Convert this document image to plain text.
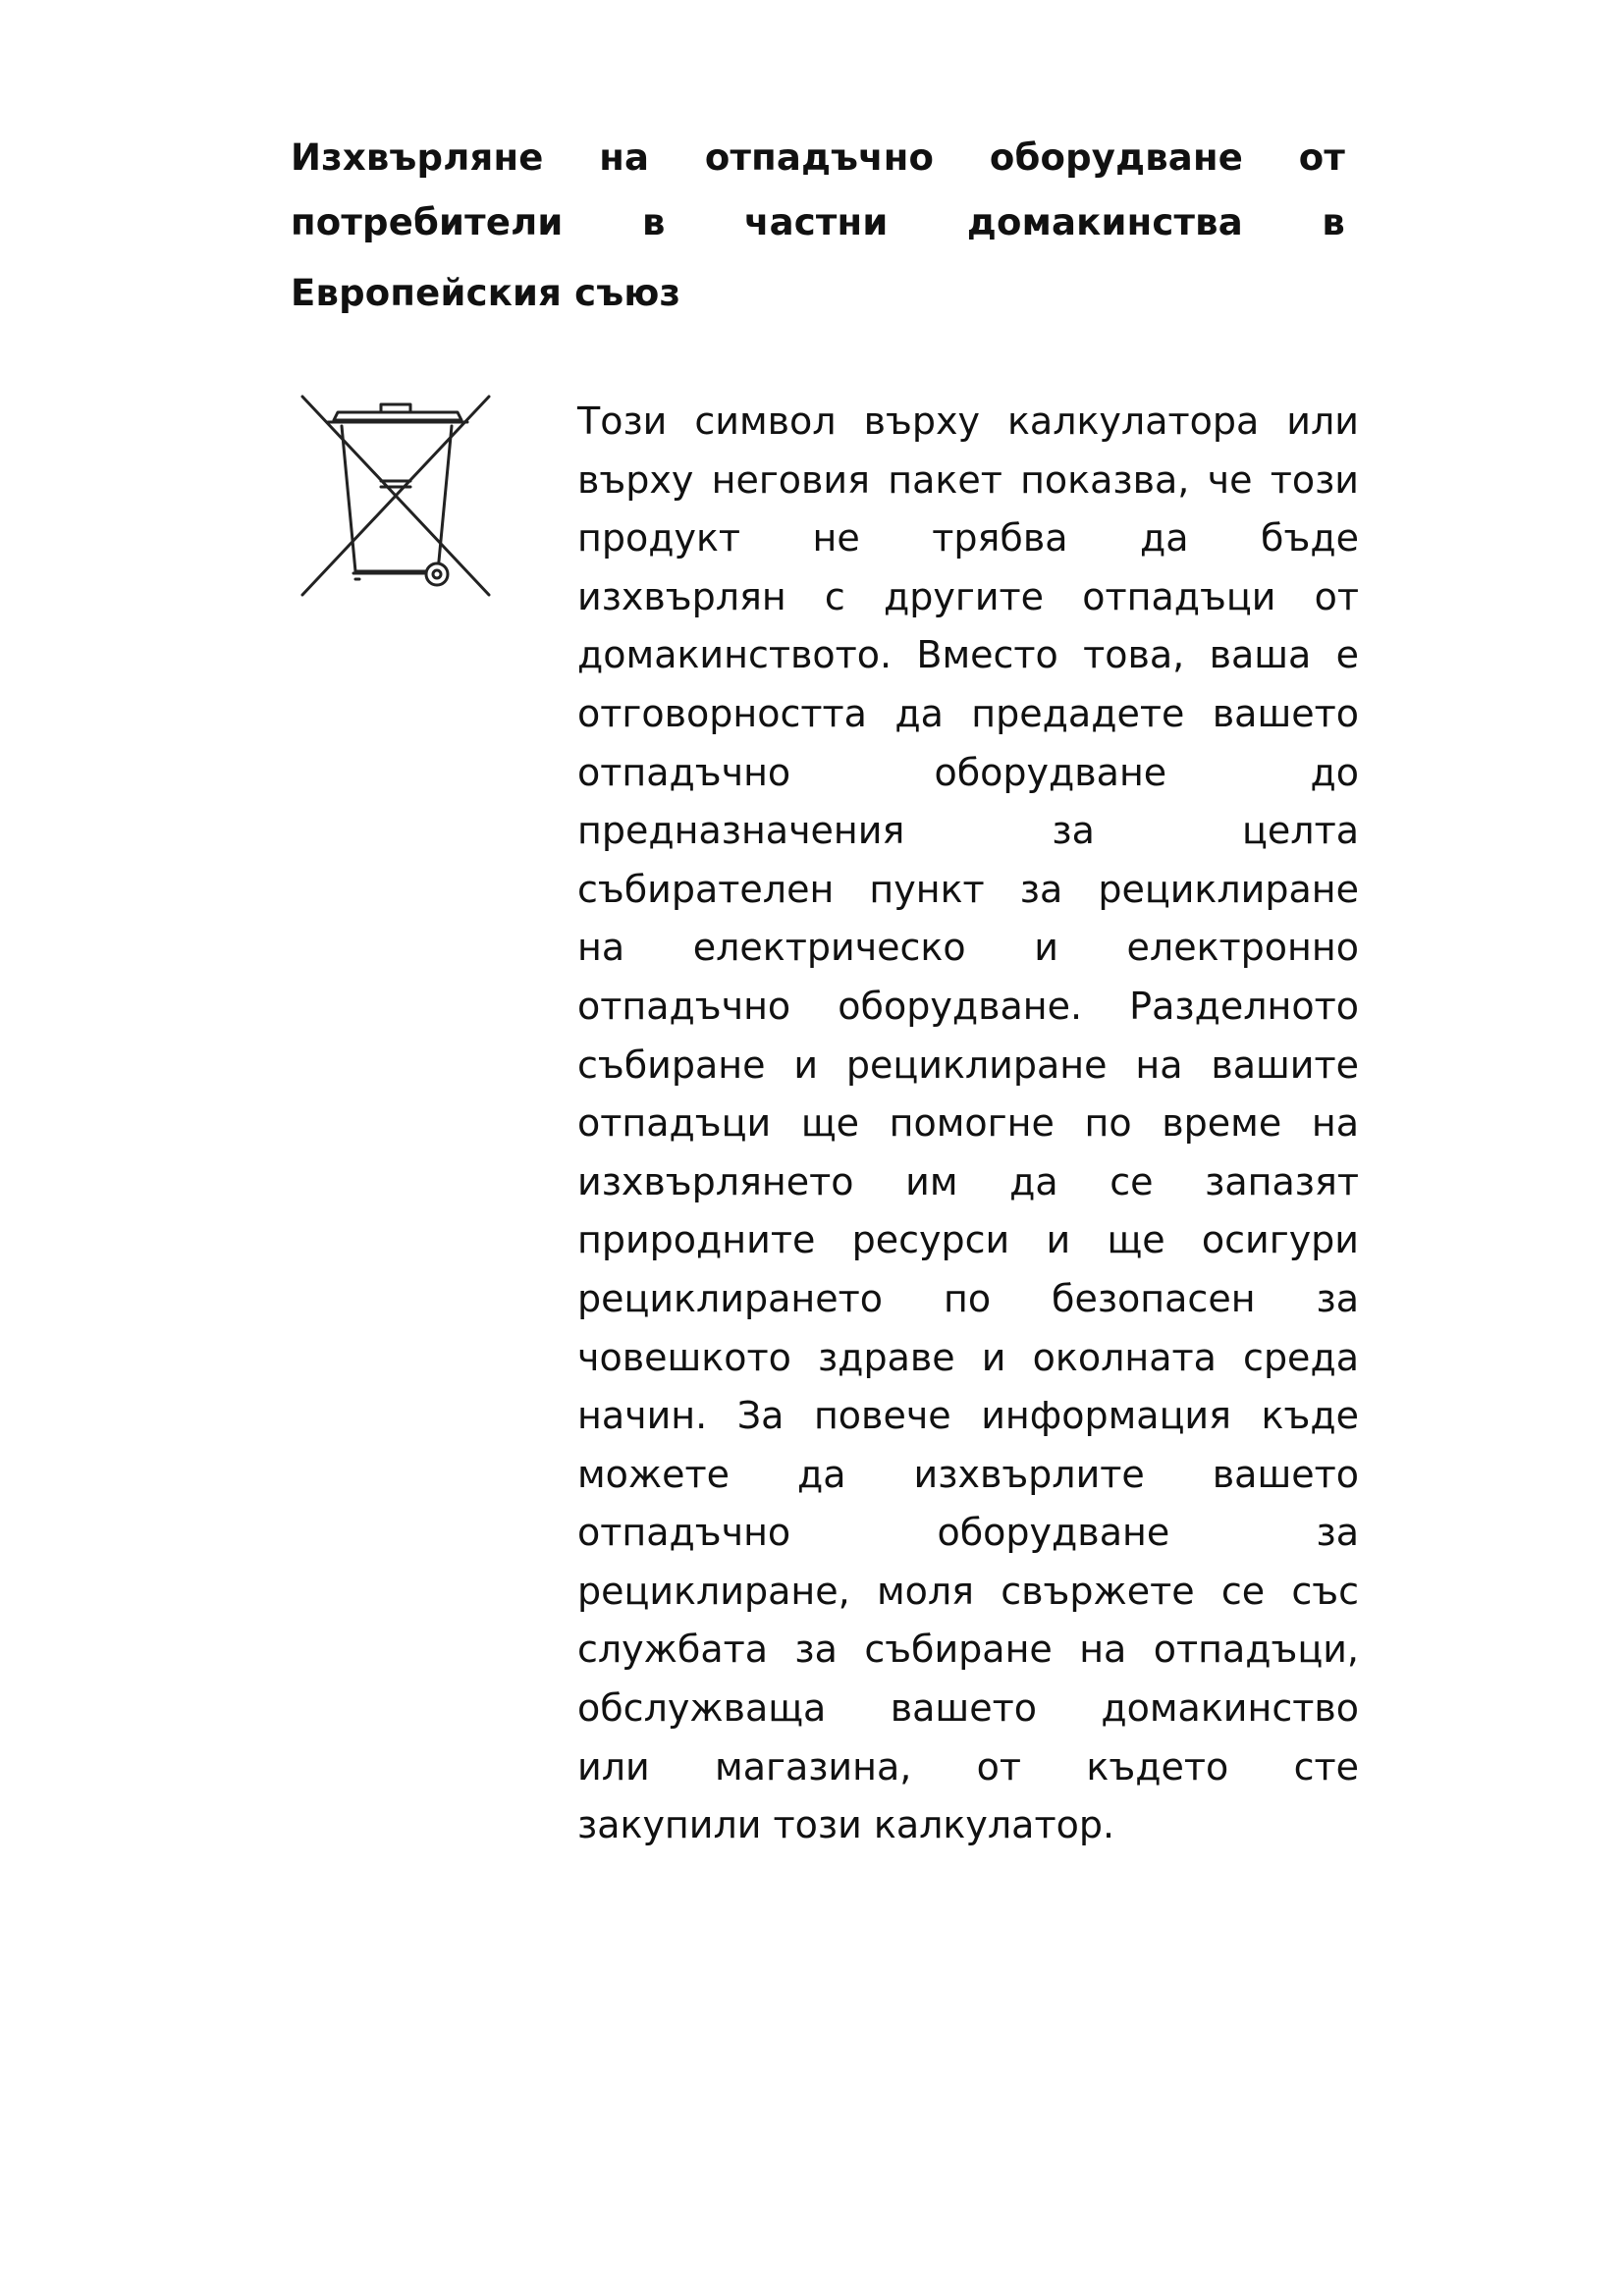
Изхвърляне на отпадъчно оборудване от
потребители в частни домакинства в
Европейския съюз
Този символ върху калкулатора или
върху неговия пакет показва, че този
продукт не трябва да бъде
изхвърлян с другите отпадъци от
домакинството. Вместо това, ваша е
отговорността да предадете вашето
отпадъчно оборудване до
предназначения за целта
събирателен пункт за рециклиране
на електрическо и електронно
отпадъчно оборудване. Разделното
събиране и рециклиране на вашите
отпадъци ще помогне по време на
изхвърлянето им да се запазят
природните ресурси и ще осигури
рециклирането по безопасен за
човешкото здраве и околната среда
начин. За повече информация къде
можете да изхвърлите вашето
отпадъчно оборудване за
рециклиране, моля свържете се със
службата за събиране на отпадъци,
обслужваща вашето домакинство
или магазина, от където сте
закупили този калкулатор.
